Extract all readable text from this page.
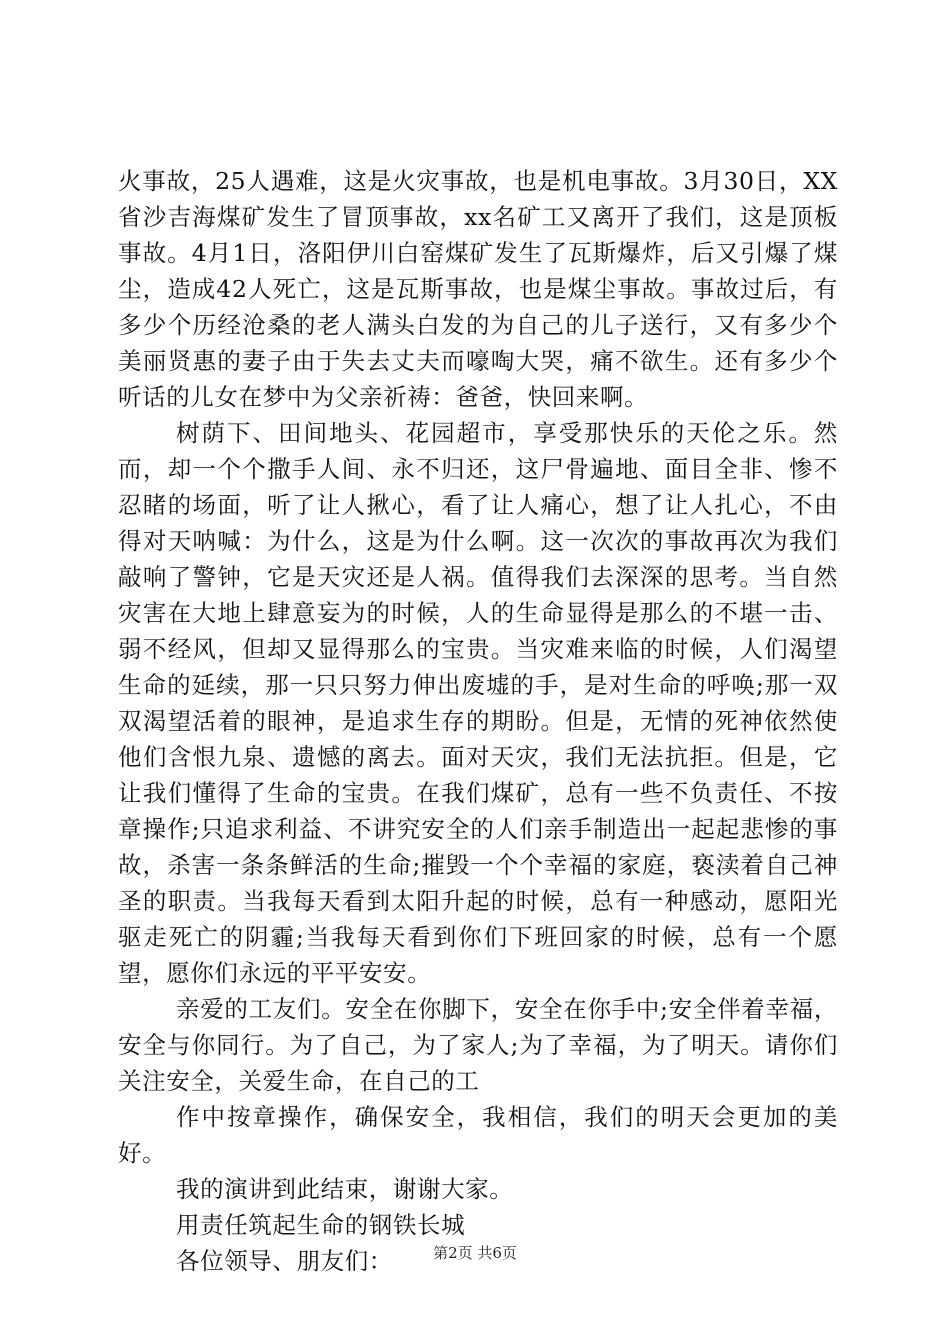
火事故，25人遇难，这是火灾事故，也是机电事故。3月30日，XX省沙吉海煤矿发生了冒顶事故，xx名矿工又离开了我们，这是顶板事故。4月1日，洛阳伊川白窑煤矿发生了瓦斯爆炸，后又引爆了煤尘，造成42人死亡，这是瓦斯事故，也是煤尘事故。事故过后，有多少个历经沧桑的老人满头白发的为自己的儿子送行，又有多少个美丽贤惠的妻子由于失去丈夫而嚎啕大哭，痛不欲生。还有多少个听话的儿女在梦中为父亲祈祷：爸爸，快回来啊。

树荫下、田间地头、花园超市，享受那快乐的天伦之乐。然而，却一个个撒手人间、永不归还，这尸骨遍地、面目全非、惨不忍睹的场面，听了让人揪心，看了让人痛心，想了让人扎心，不由得对天呐喊：为什么，这是为什么啊。这一次次的事故再次为我们敲响了警钟，它是天灾还是人祸。值得我们去深深的思考。当自然灾害在大地上肆意妄为的时候，人的生命显得是那么的不堪一击、弱不经风，但却又显得那么的宝贵。当灾难来临的时候，人们渴望生命的延续，那一只只努力伸出废墟的手，是对生命的呼唤;那一双双渴望活着的眼神，是追求生存的期盼。但是，无情的死神依然使他们含恨九泉、遗憾的离去。面对天灾，我们无法抗拒。但是，它让我们懂得了生命的宝贵。在我们煤矿，总有一些不负责任、不按章操作;只追求利益、不讲究安全的人们亲手制造出一起起悲惨的事故，杀害一条条鲜活的生命;摧毁一个个幸福的家庭，亵渎着自己神圣的职责。当我每天看到太阳升起的时候，总有一种感动，愿阳光驱走死亡的阴霾;当我每天看到你们下班回家的时候，总有一个愿望，愿你们永远的平平安安。

亲爱的工友们。安全在你脚下，安全在你手中;安全伴着幸福，安全与你同行。为了自己，为了家人;为了幸福，为了明天。请你们关注安全，关爱生命，在自己的工

作中按章操作，确保安全，我相信，我们的明天会更加的美好。

我的演讲到此结束，谢谢大家。

用责任筑起生命的钢铁长城

各位领导、朋友们：	第2页 共6页
